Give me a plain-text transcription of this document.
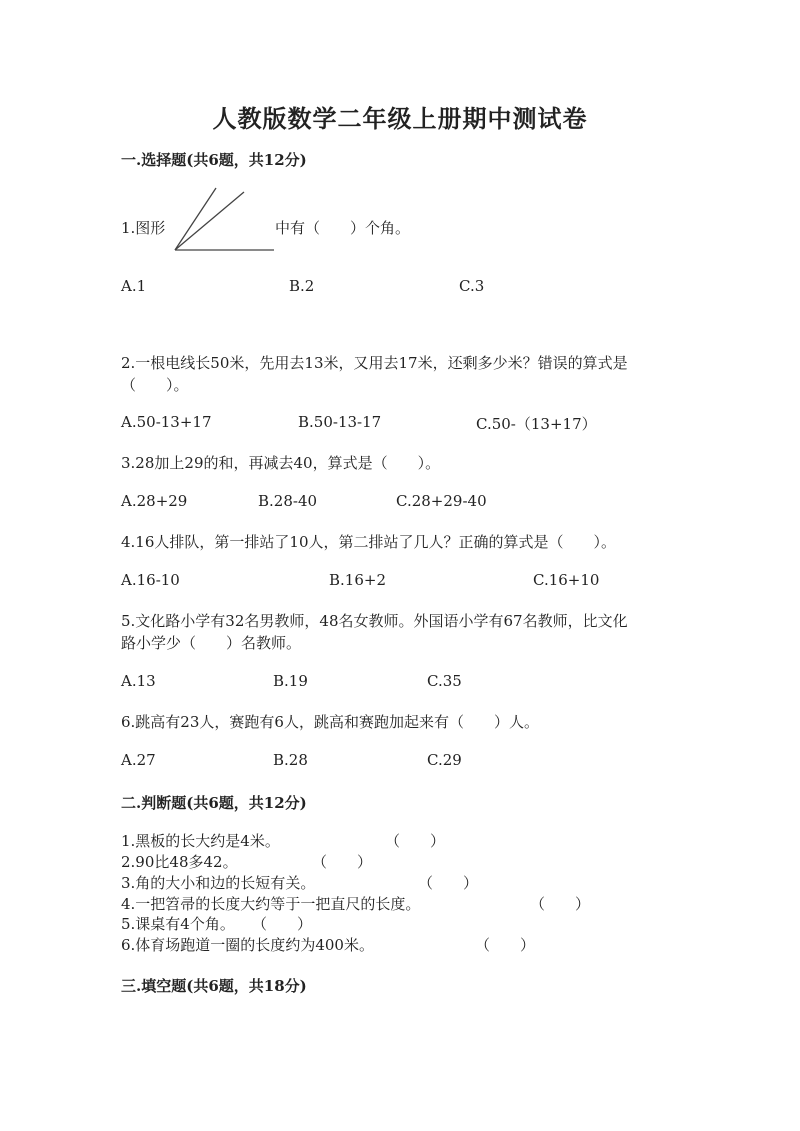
人教版数学二年级上册期中测试卷
一.选择题(共6题，共12分)
1.图形	中有（　　）个角。
A.1	B.2	C.3
2.一根电线长50米，先用去13米，又用去17米，还剩多少米？错误的算式是
（　　）。
A.50-13+17	B.50-13-17	C.50-（13+17）
3.28加上29的和，再减去40，算式是（　　）。
A.28+29	B.28-40	C.28+29-40
4.16人排队，第一排站了10人，第二排站了几人？正确的算式是（　　）。
A.16-10	B.16+2	C.16+10
5.文化路小学有32名男教师，48名女教师。外国语小学有67名教师，比文化
路小学少（　　）名教师。
A.13	B.19	C.35
6.跳高有23人，赛跑有6人，跳高和赛跑加起来有（　　）人。
A.27	B.28	C.29
二.判断题(共6题，共12分)
1.黑板的长大约是4米。	（　　）
2.90比48多42。	（　　）
3.角的大小和边的长短有关。	（　　）
4.一把笤帚的长度大约等于一把直尺的长度。	（　　）
5.课桌有4个角。 （　　）
6.体育场跑道一圈的长度约为400米。	（　　）
三.填空题(共6题，共18分)
